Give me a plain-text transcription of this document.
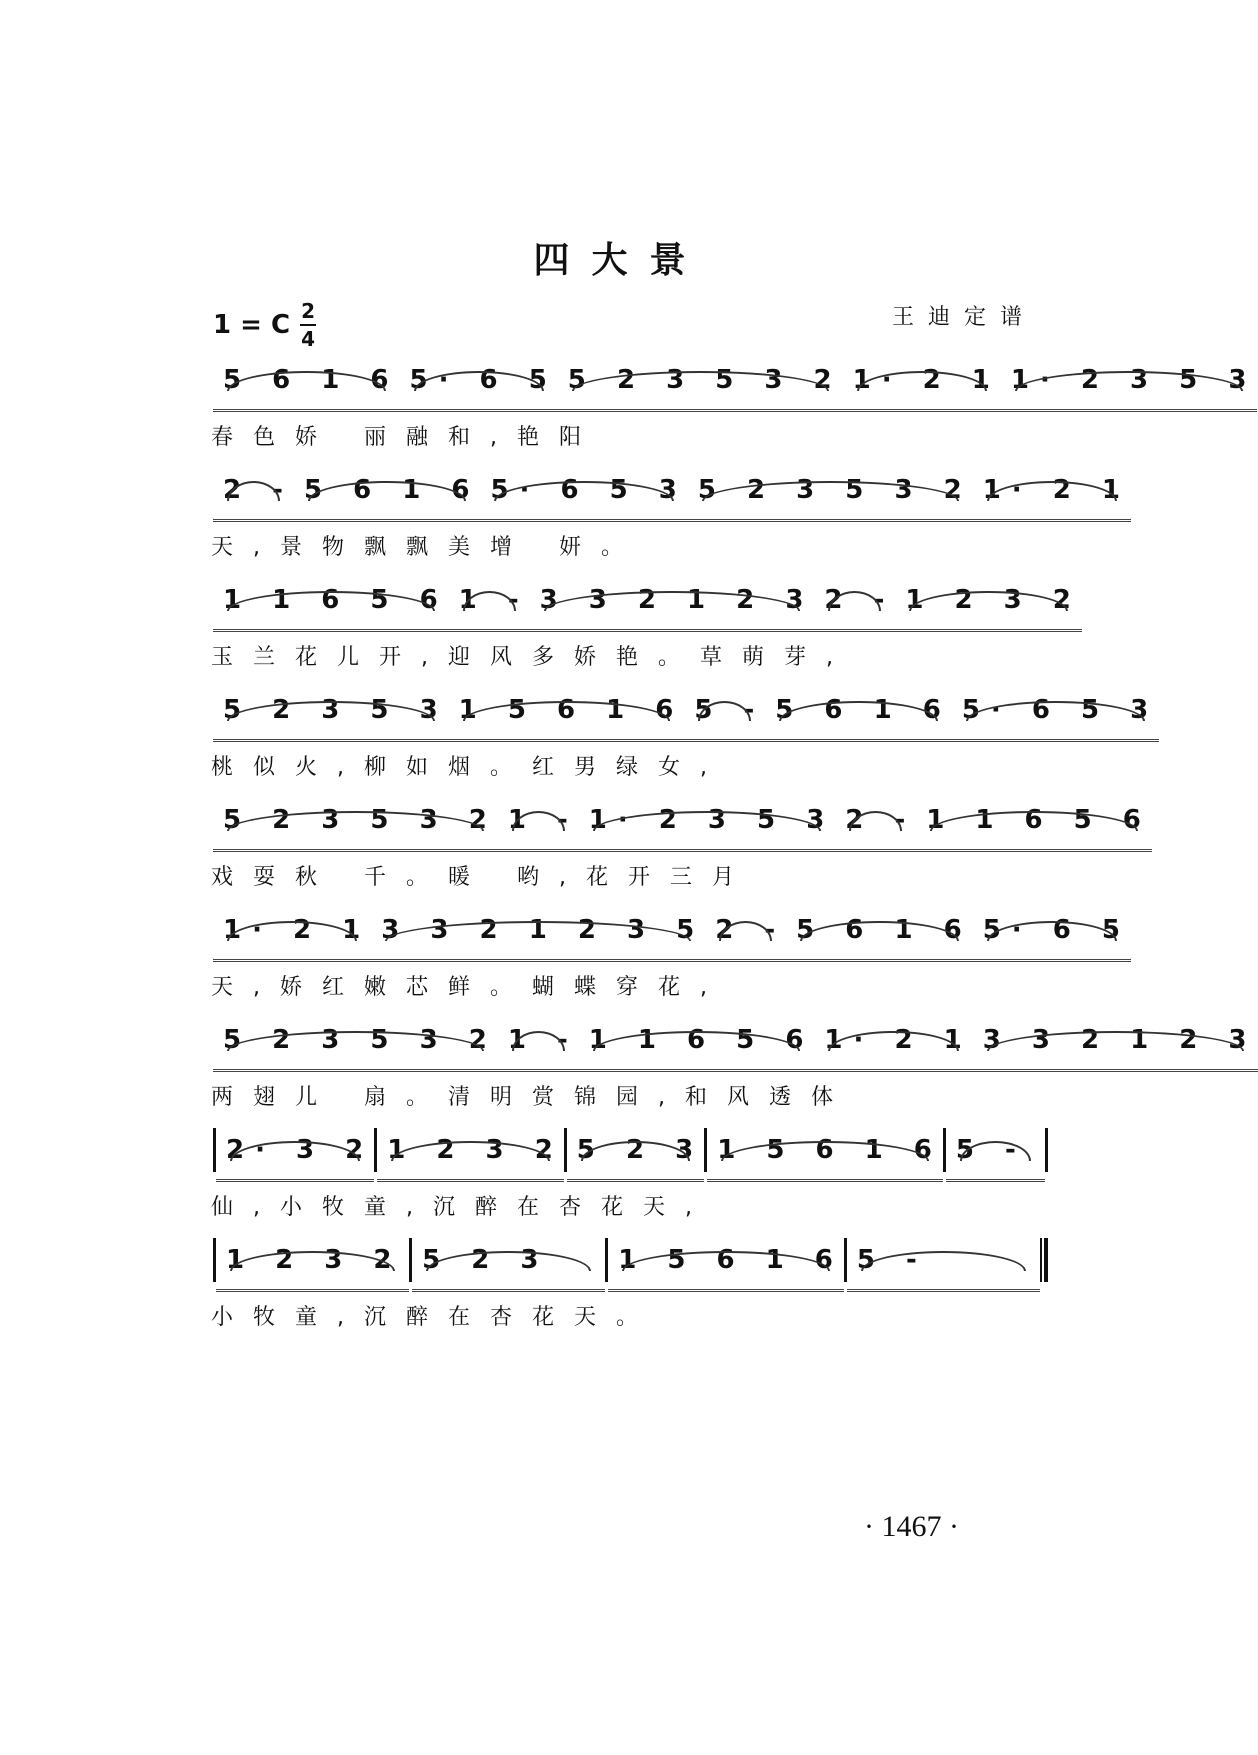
四大景
1 = C 2
4
王迪定谱
5 6 1 6 5· 6 5 5 2 3 5 3 2 1· 2 1 1· 2 3 5 3
春色娇 丽融和,艳阳
2 - 5 6 1 6 5· 6 5 3 5 2 3 5 3 2 1· 2 1
天,景物飘飘美增 妍。
1 1 6 5 6 1 - 3 3 2 1 2 3 2 - 1 2 3 2
玉兰花儿开,迎风多娇艳。草萌芽,
5 2 3 5 3 1 5 6 1 6 5 - 5 6 1 6 5· 6 5 3
桃似火,柳如烟。红男绿女,
5 2 3 5 3 2 1 - 1· 2 3 5 3 2 - 1 1 6 5 6
戏耍秋 千。暖 哟,花开三月
1· 2 1 3 3 2 1 2 3 5 2 - 5 6 1 6 5· 6 5
天,娇红嫩芯鲜。蝴蝶穿花,
5 2 3 5 3 2 1 - 1 1 6 5 6 1· 2 1 3 3 2 1 2 3
两翅儿 扇。清明赏锦园,和风透体
2· 3 2 1 2 3 2 5 2 3 1 5 6 1 6 5 -
仙,小牧童,沉醉在杏花天,
1 2 3 2 5 2 3	1 5 6 1 6 5 -
小牧童,沉醉在杏花天。
· 1467 ·
